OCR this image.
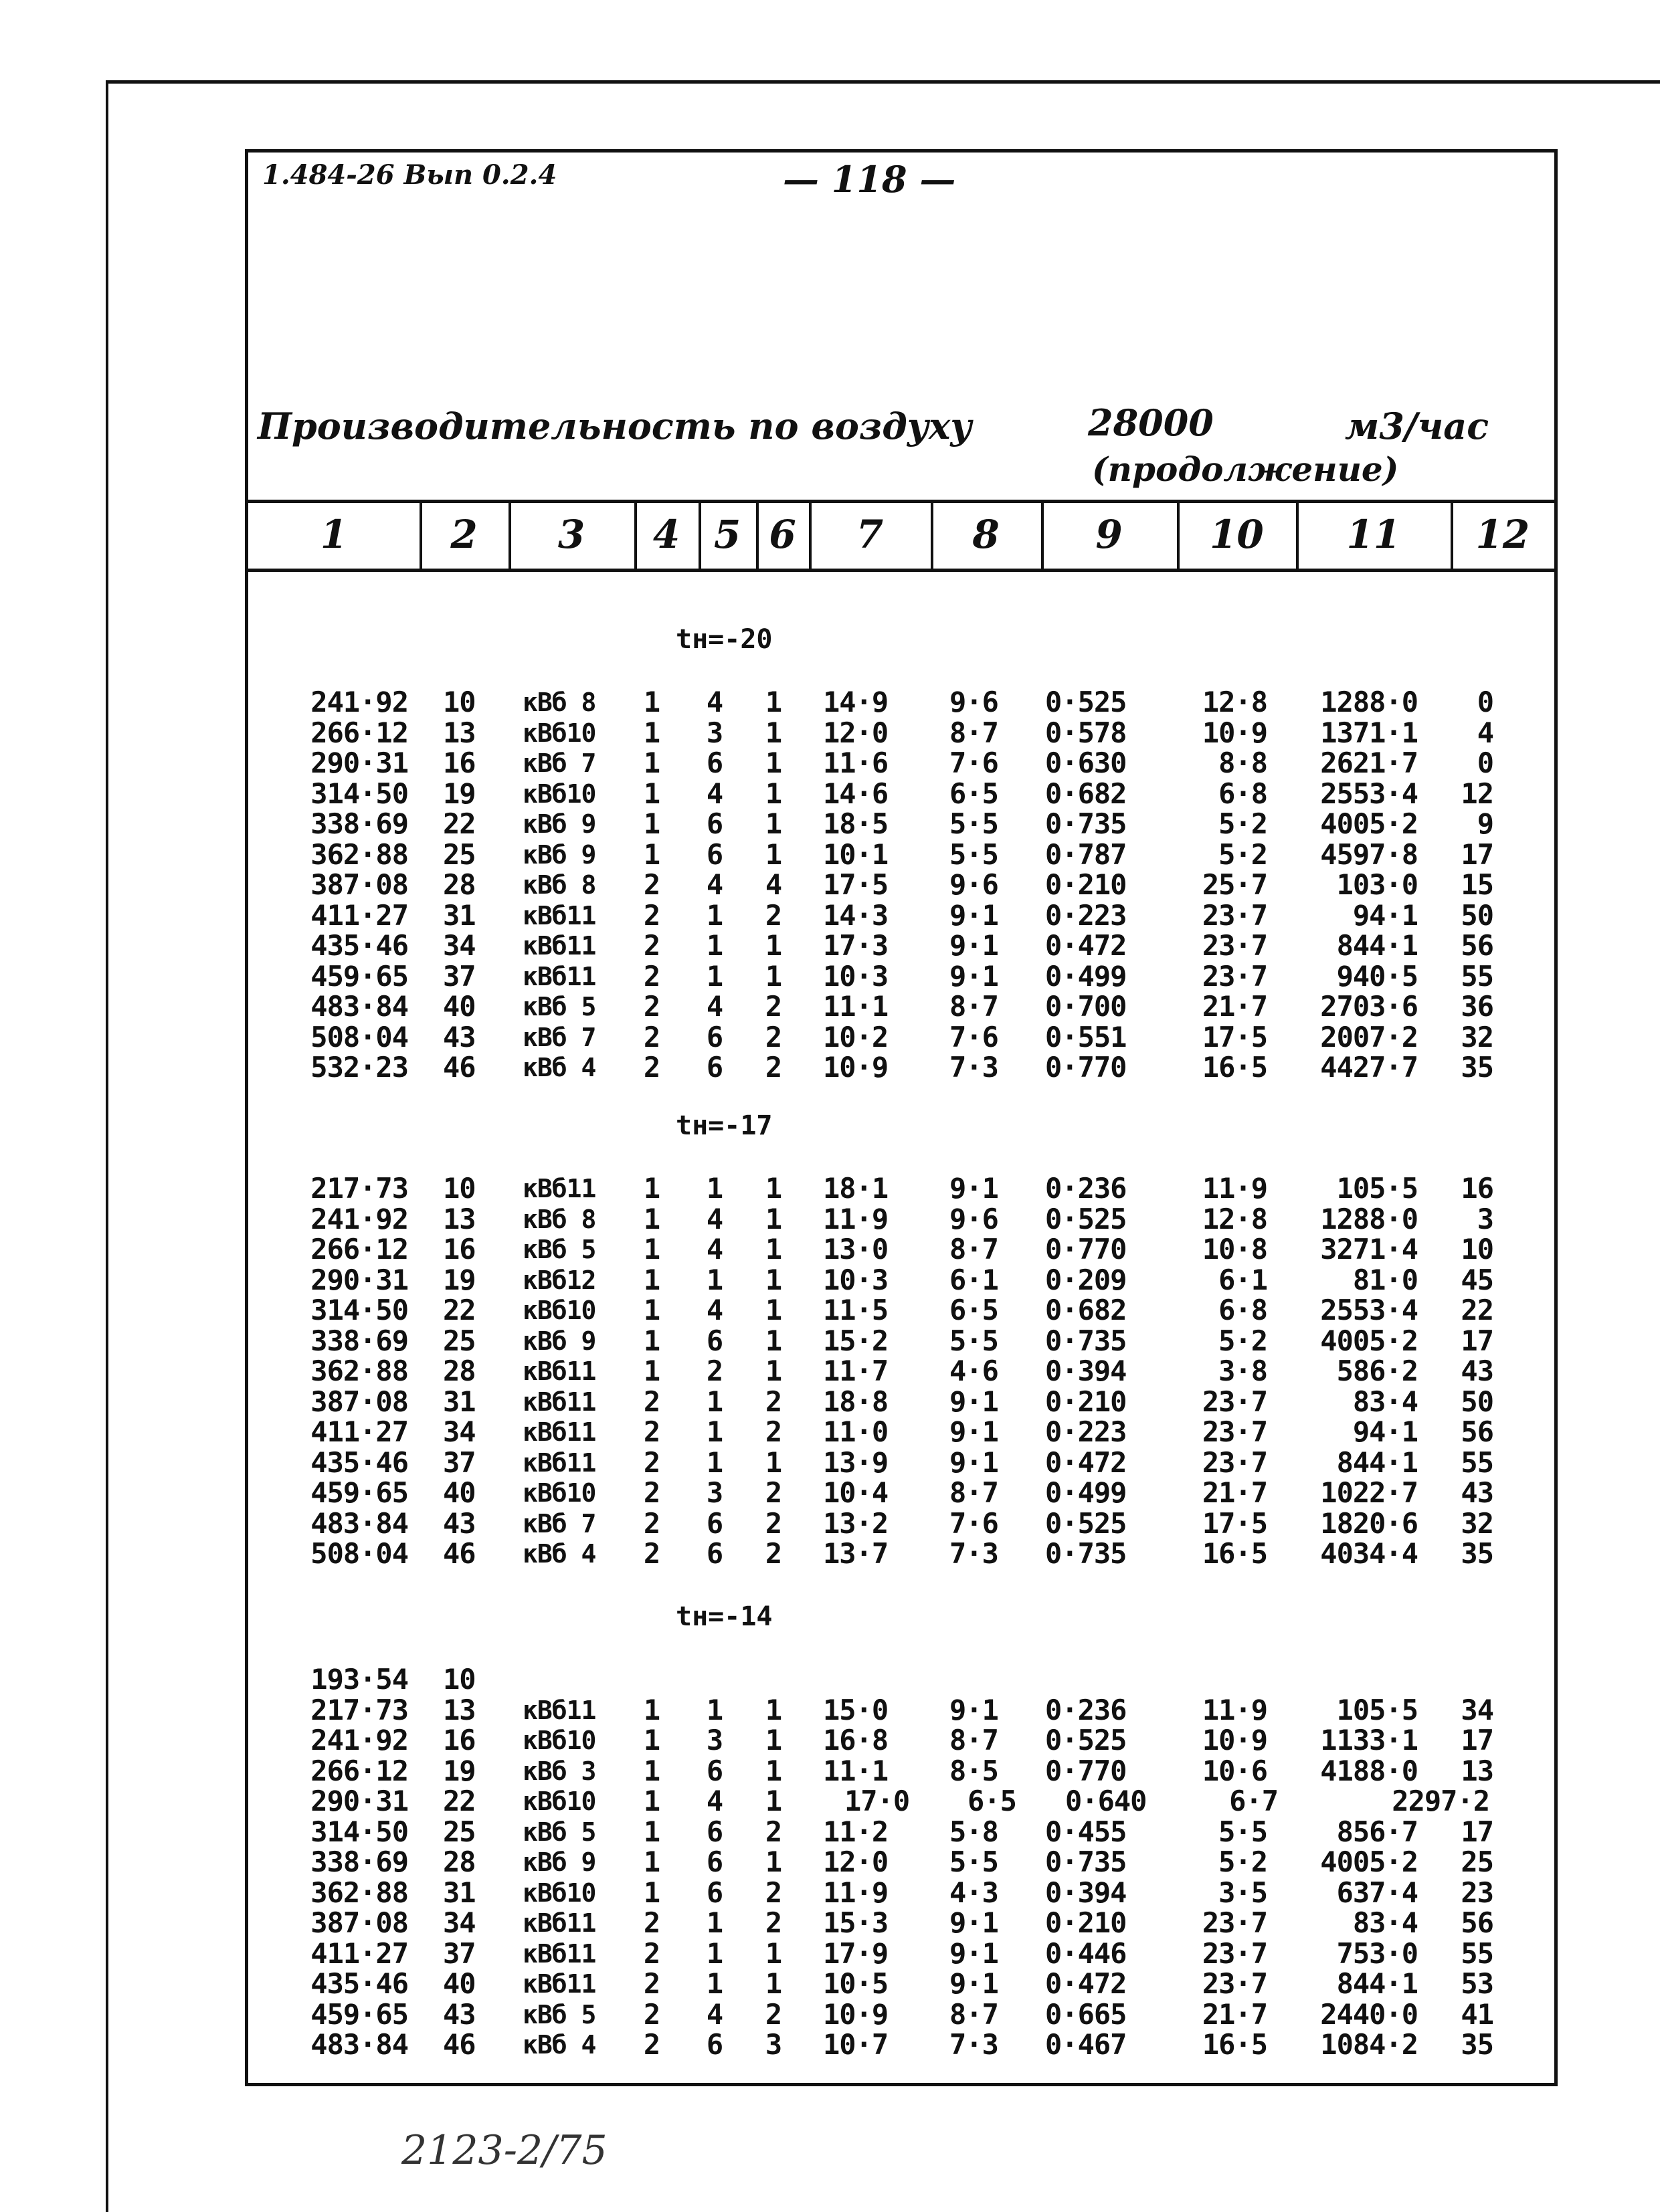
1.484-26 Вып 0.2.4	— 118 —
Производительность по воздуху	28000	м3/час
(продолжение)
1	2	3	4 5 6	7	8	9	10 11 12
tн=-20
241·92 10	кВб 8	1	4	1	14·9	9·6	0·525	12·8	1288·0	0
266·12 13	кВб10	1	3	1	12·0	8·7	0·578	10·9	1371·1	4
290·31 16	кВб 7	1	6	1	11·6	7·6	0·630	8·8	2621·7	0
314·50 19	кВб10	1	4	1	14·6	6·5	0·682	6·8	2553·4	12
338·69 22	кВб 9	1	6	1	18·5	5·5	0·735	5·2	4005·2	9
362·88 25	кВб 9	1	6	1	10·1	5·5	0·787	5·2	4597·8	17
387·08 28	кВб 8	2	4	4	17·5	9·6	0·210	25·7	103·0	15
411·27 31	кВб11	2	1	2	14·3	9·1	0·223	23·7	94·1	50
435·46 34	кВб11	2	1	1	17·3	9·1	0·472	23·7	844·1	56
459·65 37	кВб11	2	1	1	10·3	9·1	0·499	23·7	940·5	55
483·84 40	кВб 5	2	4	2	11·1	8·7	0·700	21·7	2703·6	36
508·04 43	кВб 7	2	6	2	10·2	7·6	0·551	17·5	2007·2	32
532·23 46	кВб 4	2	6	2	10·9	7·3	0·770	16·5	4427·7	35
tн=-17
217·73 10	кВб11	1	1	1	18·1	9·1	0·236	11·9	105·5	16
241·92 13	кВб 8	1	4	1	11·9	9·6	0·525	12·8	1288·0	3
266·12 16	кВб 5	1	4	1	13·0	8·7	0·770	10·8	3271·4	10
290·31 19	кВб12	1	1	1	10·3	6·1	0·209	6·1	81·0	45
314·50 22	кВб10	1	4	1	11·5	6·5	0·682	6·8	2553·4	22
338·69 25	кВб 9	1	6	1	15·2	5·5	0·735	5·2	4005·2	17
362·88 28	кВб11	1	2	1	11·7	4·6	0·394	3·8	586·2	43
387·08 31	кВб11	2	1	2	18·8	9·1	0·210	23·7	83·4	50
411·27 34	кВб11	2	1	2	11·0	9·1	0·223	23·7	94·1	56
435·46 37	кВб11	2	1	1	13·9	9·1	0·472	23·7	844·1	55
459·65 40	кВб10	2	3	2	10·4	8·7	0·499	21·7	1022·7	43
483·84 43	кВб 7	2	6	2	13·2	7·6	0·525	17·5	1820·6	32
508·04 46	кВб 4	2	6	2	13·7	7·3	0·735	16·5	4034·4	35
tн=-14
193·54 10
217·73 13	кВб11	1	1	1	15·0	9·1	0·236	11·9	105·5	34
241·92 16	кВб10	1	3	1	16·8	8·7	0·525	10·9	1133·1	17
266·12 19	кВб 3	1	6	1	11·1	8·5	0·770	10·6	4188·0	13
290·31 22	кВб10	1	4	1	17·0	6·5	0·640	6·7	2297·2
314·50 25	кВб 5	1	6	2	11·2	5·8	0·455	5·5	856·7	17
338·69 28	кВб 9	1	6	1	12·0	5·5	0·735	5·2	4005·2	25
362·88 31	кВб10	1	6	2	11·9	4·3	0·394	3·5	637·4	23
387·08 34	кВб11	2	1	2	15·3	9·1	0·210	23·7	83·4	56
411·27 37	кВб11	2	1	1	17·9	9·1	0·446	23·7	753·0	55
435·46 40	кВб11	2	1	1	10·5	9·1	0·472	23·7	844·1	53
459·65 43	кВб 5	2	4	2	10·9	8·7	0·665	21·7	2440·0	41
483·84 46	кВб 4	2	6	3	10·7	7·3	0·467	16·5	1084·2	35
2123-2/75
